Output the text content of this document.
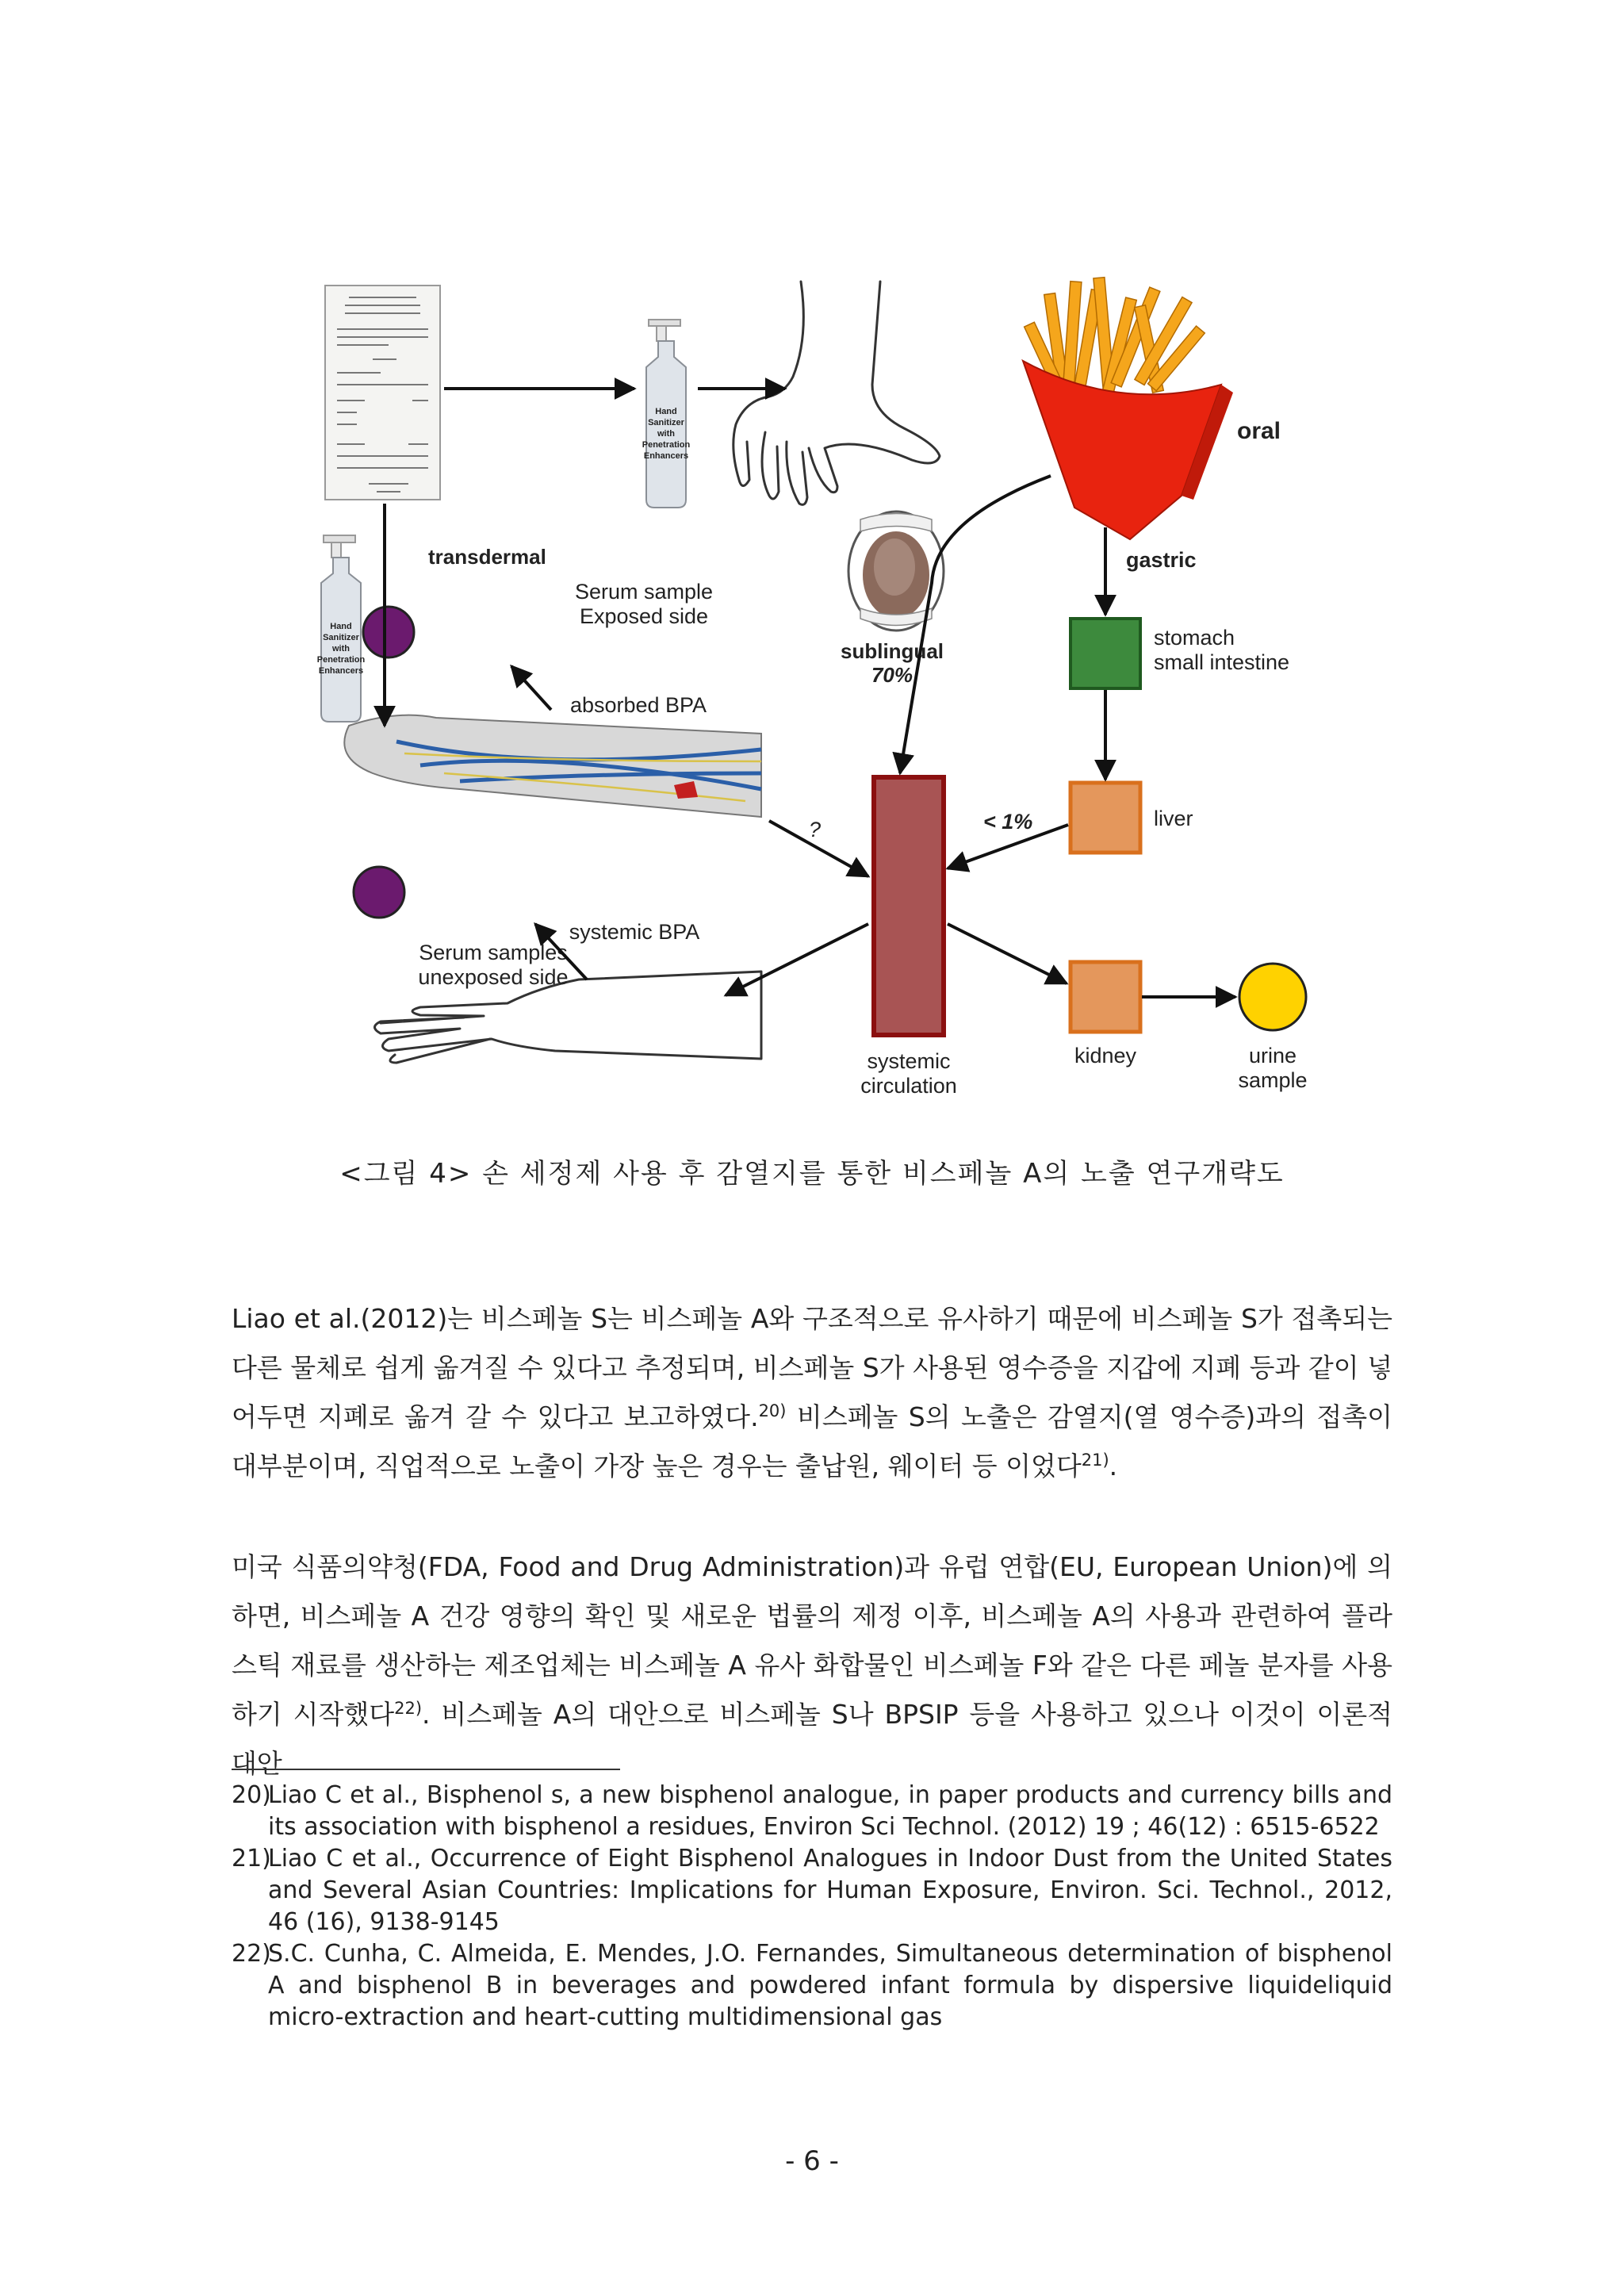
Hand
Sanitizer
with
Penetration
Enhancers
Hand
Sanitizer
with
Penetration
Enhancers
oral
sublingual
70%
Serum sample
Exposed side
absorbed BPA
transdermal
systemic BPA
Serum samples
unexposed side
systemic
circulation
stomach
small intestine
gastric
liver
kidney	urine
sample
?	< 1%
<그림 4> 손 세정제 사용 후 감열지를 통한 비스페놀 A의 노출 연구개략도
Liao et al.(2012)는 비스페놀 S는 비스페놀 A와 구조적으로 유사하기 때문에 비스페놀 S가 접촉되는 다른 물체로 쉽게 옮겨질 수 있다고 추정되며, 비스페놀 S가 사용된 영수증을 지갑에 지폐 등과 같이 넣어두면 지폐로 옮겨 갈 수 있다고 보고하였다.$^{20)}$ 비스페놀 S의 노출은 감열지(열 영수증)과의 접촉이 대부분이며, 직업적으로 노출이 가장 높은 경우는 출납원, 웨이터 등 이었다$^{21)}$.
미국 식품의약청(FDA, Food and Drug Administration)과 유럽 연합(EU, European Union)에 의하면, 비스페놀 A 건강 영향의 확인 및 새로운 법률의 제정 이후, 비스페놀 A의 사용과 관련하여 플라스틱 재료를 생산하는 제조업체는 비스페놀 A 유사 화합물인 비스페놀 F와 같은 다른 페놀 분자를 사용하기 시작했다$^{22)}$. 비스페놀 A의 대안으로 비스페놀 S나 BPSIP 등을 사용하고 있으나 이것이 이론적 대안
20)
Liao C et al., Bisphenol s, a new bisphenol analogue, in paper products and currency bills and its association with bisphenol a residues, Environ Sci Technol. (2012) 19 ; 46(12) : 6515-6522
21)
Liao C et al., Occurrence of Eight Bisphenol Analogues in Indoor Dust from the United States and Several Asian Countries: Implications for Human Exposure, Environ. Sci. Technol., 2012, 46 (16), 9138-9145
22)
S.C. Cunha, C. Almeida, E. Mendes, J.O. Fernandes, Simultaneous determination of bisphenol A and bisphenol B in beverages and powdered infant formula by dispersive liquideliquid micro-extraction and heart-cutting multidimensional gas
- 6 -
